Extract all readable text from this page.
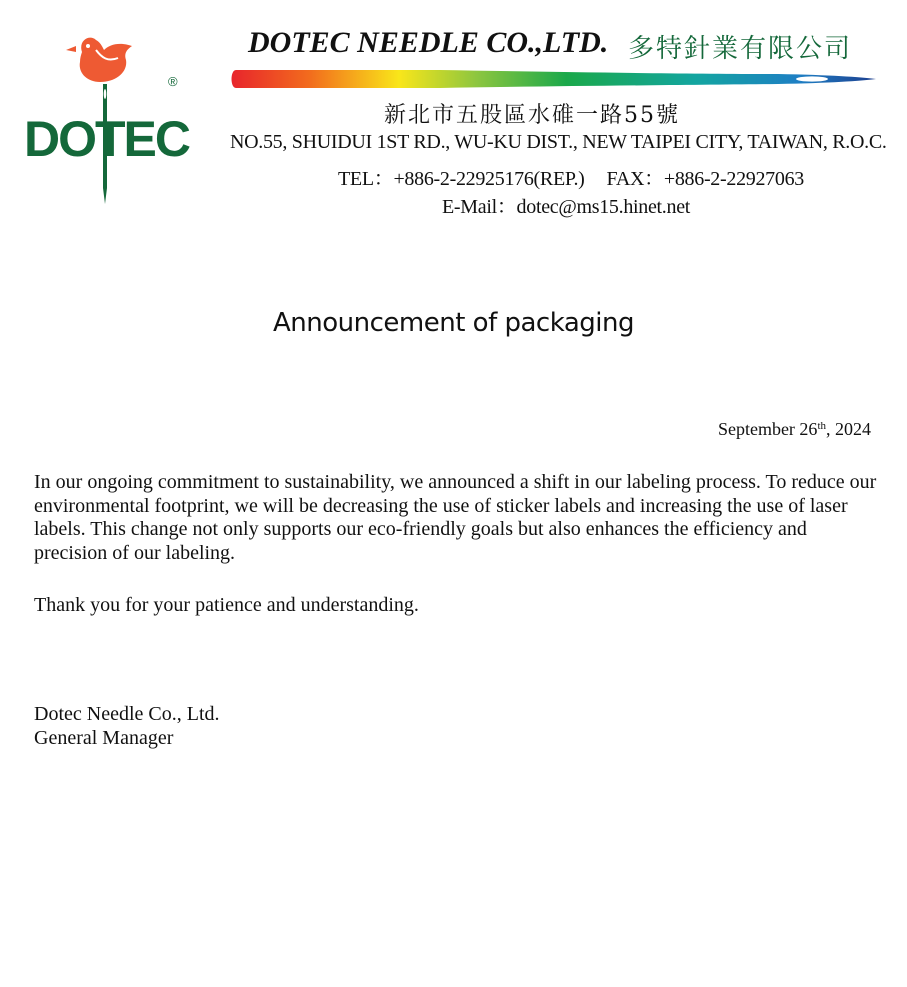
DOTEC
®
DOTEC NEEDLE CO.,LTD. 多特針業有限公司
新北市五股區水碓一路55號
NO.55, SHUIDUI 1ST RD., WU-KU DIST., NEW TAIPEI CITY, TAIWAN, R.O.C.
TEL：+886-2-22925176(REP.) FAX：+886-2-22927063
E-Mail：dotec@ms15.hinet.net
Announcement of packaging
September 26th, 2024

In our ongoing commitment to sustainability, we announced a shift in our labeling process. To reduce our environmental footprint, we will be decreasing the use of sticker labels and increasing the use of laser labels. This change not only supports our eco-friendly goals but also enhances the efficiency and precision of our labeling.

Thank you for your patience and understanding.

Dotec Needle Co., Ltd.
General Manager
